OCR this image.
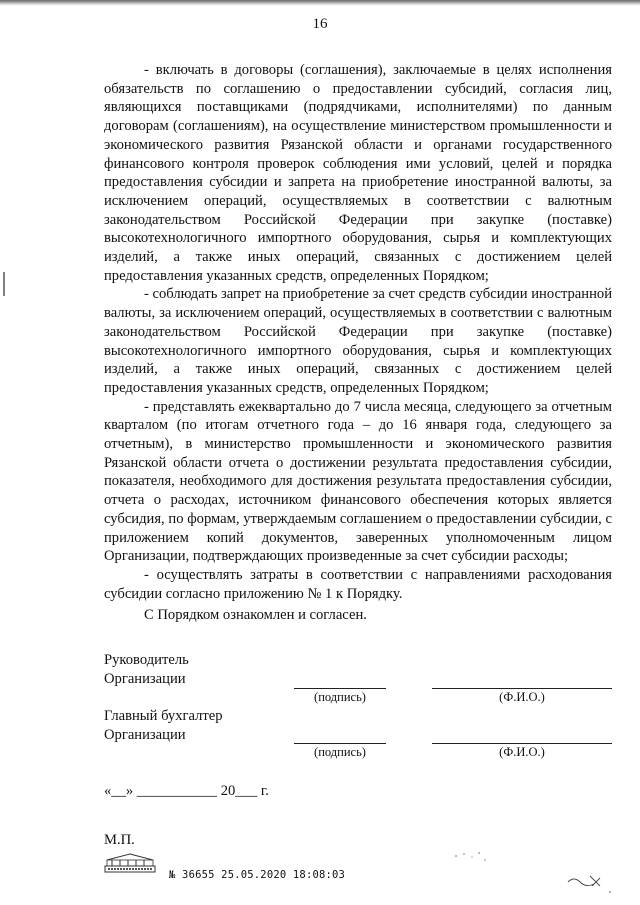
16

- включать в договоры (соглашения), заключаемые в целях исполнения обязательств по соглашению о предоставлении субсидий, согласия лиц, являющихся поставщиками (подрядчиками, исполнителями) по данным договорам (соглашениям), на осуществление министерством промышленности и экономического развития Рязанской области и органами государственного финансового контроля проверок соблюдения ими условий, целей и порядка предоставления субсидии и запрета на приобретение иностранной валюты, за исключением операций, осуществляемых в соответствии с валютным законодательством Российской Федерации при закупке (поставке) высокотехнологичного импортного оборудования, сырья и комплектующих изделий, а также иных операций, связанных с достижением целей предоставления указанных средств, определенных Порядком;

- соблюдать запрет на приобретение за счет средств субсидии иностранной валюты, за исключением операций, осуществляемых в соответствии с валютным законодательством Российской Федерации при закупке (поставке) высокотехнологичного импортного оборудования, сырья и комплектующих изделий, а также иных операций, связанных с достижением целей предоставления указанных средств, определенных Порядком;

- представлять ежеквартально до 7 числа месяца, следующего за отчетным кварталом (по итогам отчетного года – до 16 января года, следующего за отчетным), в министерство промышленности и экономического развития Рязанской области отчета о достижении результата предоставления субсидии, показателя, необходимого для достижения результата предоставления субсидии, отчета о расходах, источником финансового обеспечения которых является субсидия, по формам, утверждаемым соглашением о предоставлении субсидии, с приложением копий документов, заверенных уполномоченным лицом Организации, подтверждающих произведенные за счет субсидии расходы;

- осуществлять затраты в соответствии с направлениями расходования субсидии согласно приложению № 1 к Порядку.

С Порядком ознакомлен и согласен.

Руководитель
Организации
(подпись)	(Ф.И.О.)
Главный бухгалтер
Организации
(подпись)	(Ф.И.О.)
«__» ___________ 20___ г.
М.П.
№ 36655 25.05.2020 18:08:03
